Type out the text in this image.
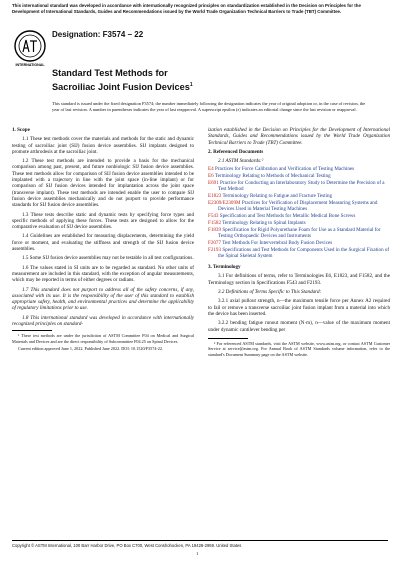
This international standard was developed in accordance with internationally recognized principles on standardization established in the Decision on Principles for the Development of International Standards, Guides and Recommendations issued by the World Trade Organization Technical Barriers to Trade (TBT) Committee.
INTERNATIONAL
Designation: F3574 – 22
Standard Test Methods for
Sacroiliac Joint Fusion Devices$^1$
This standard is issued under the fixed designation F3574; the number immediately following the designation indicates the year of original adoption or, in the case of revision, the year of last revision. A number in parentheses indicates the year of last reapproval. A superscript epsilon (ε) indicates an editorial change since the last revision or reapproval.
1. Scope

1.1 These test methods cover the materials and methods for the static and dynamic testing of sacroiliac joint (SIJ) fusion device assemblies. SIJ implants designed to promote arthrodesis at the sacroiliac joint.

1.2 These test methods are intended to provide a basis for the mechanical comparison among past, present, and future nonbiologic SIJ fusion device assemblies. These test methods allow for comparison of SIJ fusion device assemblies intended to be implanted with a trajectory in line with the joint space (in-line implant) or for comparison of SIJ fusion devices intended for implantation across the joint space (transverse implant). These test methods are intended enable the user to compare SIJ fusion device assemblies mechanically and do not purport to provide performance standards for SIJ fusion device assemblies.

1.3 These tests describe static and dynamic tests by specifying force types and specific methods of applying these forces. These tests are designed to allow for the comparative evaluation of SIJ device assemblies.

1.4 Guidelines are established for measuring displacements, determining the yield force or moment, and evaluating the stiffness and strength of the SIJ fusion device assemblies.

1.5 Some SIJ fusion device assemblies may not be testable in all test configurations.

1.6 The values stated in SI units are to be regarded as standard. No other units of measurement are included in this standard, with the exception of angular measurements, which may be reported in terms of either degrees or radians.

1.7 This standard does not purport to address all of the safety concerns, if any, associated with its use. It is the responsibility of the user of this standard to establish appropriate safety, health, and environmental practices and determine the applicability of regulatory limitations prior to use.

1.8 This international standard was developed in accordance with internationally recognized principles on standard-

¹ These test methods are under the jurisdiction of ASTM Committee F04 on Medical and Surgical Materials and Devices and are the direct responsibility of Subcommittee F04.25 on Spinal Devices.

Current edition approved June 1, 2022. Published June 2022. DOI: 10.1520/F3574-22.

ization established in the Decision on Principles for the Development of International Standards, Guides and Recommendations issued by the World Trade Organization Technical Barriers to Trade (TBT) Committee.

2. Referenced Documents
2.1 ASTM Standards:²
E4 Practices for Force Calibration and Verification of Testing Machines
E6 Terminology Relating to Methods of Mechanical Testing
E691 Practice for Conducting an Interlaboratory Study to Determine the Precision of a Test Method
E1823 Terminology Relating to Fatigue and Fracture Testing
E2309/E2309M Practices for Verification of Displacement Measuring Systems and Devices Used in Material Testing Machines
F543 Specification and Test Methods for Metallic Medical Bone Screws
F1582 Terminology Relating to Spinal Implants
F1839 Specification for Rigid Polyurethane Foam for Use as a Standard Material for Testing Orthopaedic Devices and Instruments
F2077 Test Methods For Intervertebral Body Fusion Devices
F2193 Specifications and Test Methods for Components Used in the Surgical Fixation of the Spinal Skeletal System
3. Terminology

3.1 For definitions of terms, refer to Terminologies E6, E1823, and F1582, and the Terminology section in Specifications F543 and F2193.

3.2 Definitions of Terms Specific to This Standard:

3.2.1 axial pullout strength, n—the maximum tensile force per Annex A2 required to fail or remove a transverse sacroiliac joint fusion implant from a material into which the device has been inserted.

3.2.2 bending fatigue runout moment (N·m), n—value of the maximum moment under dynamic cantilever bending per

² For referenced ASTM standards, visit the ASTM website, www.astm.org, or contact ASTM Customer Service at service@astm.org. For Annual Book of ASTM Standards volume information, refer to the standard's Document Summary page on the ASTM website.

Copyright © ASTM International, 100 Barr Harbor Drive, PO Box C700, West Conshohocken, PA 19428-2959. United States
1
